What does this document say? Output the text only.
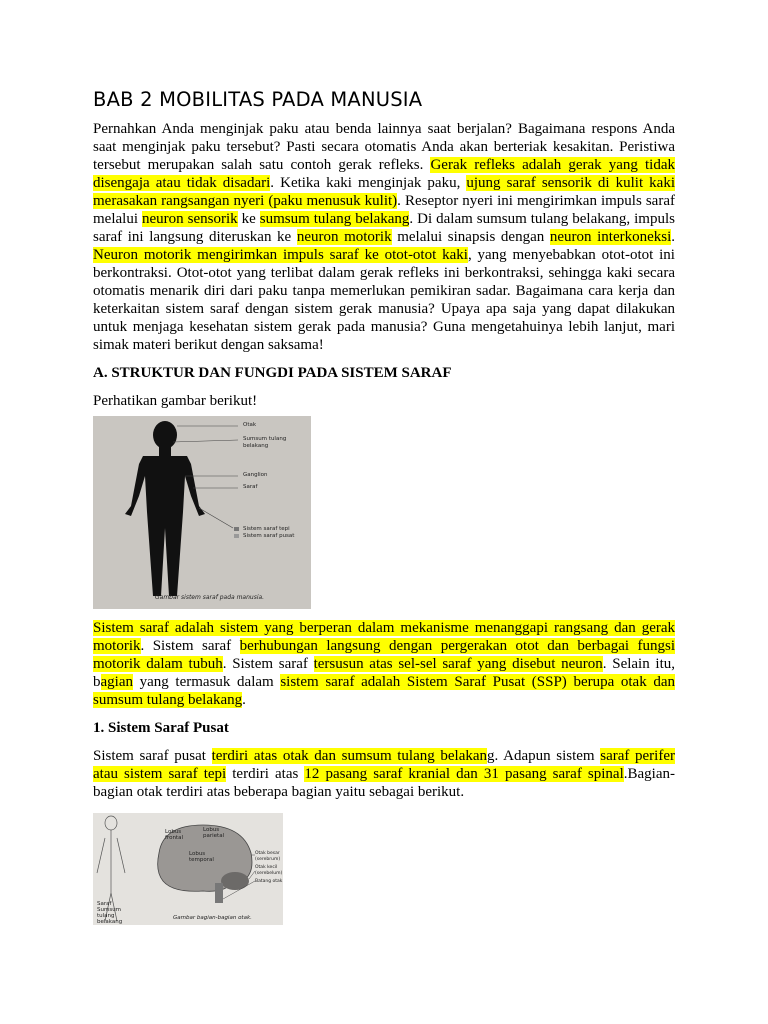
BAB 2 MOBILITAS PADA MANUSIA

Pernahkan Anda menginjak paku atau benda lainnya saat berjalan? Bagaimana respons Anda saat menginjak paku tersebut? Pasti secara otomatis Anda akan berteriak kesakitan. Peristiwa tersebut merupakan salah satu contoh gerak refleks. Gerak refleks adalah gerak yang tidak disengaja atau tidak disadari. Ketika kaki menginjak paku, ujung saraf sensorik di kulit kaki merasakan rangsangan nyeri (paku menusuk kulit). Reseptor nyeri ini mengirimkan impuls saraf melalui neuron sensorik ke sumsum tulang belakang. Di dalam sumsum tulang belakang, impuls saraf ini langsung diteruskan ke neuron motorik melalui sinapsis dengan neuron interkoneksi. Neuron motorik mengirimkan impuls saraf ke otot-otot kaki, yang menyebabkan otot-otot ini berkontraksi. Otot-otot yang terlibat dalam gerak refleks ini berkontraksi, sehingga kaki secara otomatis menarik diri dari paku tanpa memerlukan pemikiran sadar. Bagaimana cara kerja dan keterkaitan sistem saraf dengan sistem gerak manusia? Upaya apa saja yang dapat dilakukan untuk menjaga kesehatan sistem gerak pada manusia? Guna mengetahuinya lebih lanjut, mari simak materi berikut dengan saksama!

A. STRUKTUR DAN FUNGDI PADA SISTEM SARAF

Perhatikan gambar berikut!

Otak
Sumsum tulang belakang
Ganglion
Saraf
Sistem saraf tepi
Sistem saraf pusat
Gambar sistem saraf pada manusia.

Sistem saraf adalah sistem yang berperan dalam mekanisme menanggapi rangsang dan gerak motorik. Sistem saraf berhubungan langsung dengan pergerakan otot dan berbagai fungsi motorik dalam tubuh. Sistem saraf tersusun atas sel-sel saraf yang disebut neuron. Selain itu, bagian yang termasuk dalam sistem saraf adalah Sistem Saraf Pusat (SSP) berupa otak dan sumsum tulang belakang.

1. Sistem Saraf Pusat

Sistem saraf pusat terdiri atas otak dan sumsum tulang belakang. Adapun sistem saraf perifer atau sistem saraf tepi terdiri atas 12 pasang saraf kranial dan 31 pasang saraf spinal.Bagian-bagian otak terdiri atas beberapa bagian yaitu sebagai berikut.

Lobus frontal
Lobus parietal
Lobus temporal
Otak besar (serebrum)
Otak kecil (serebelum)
Batang otak
Saraf
Sumsum tulang belakang
Gambar bagian-bagian otak.
